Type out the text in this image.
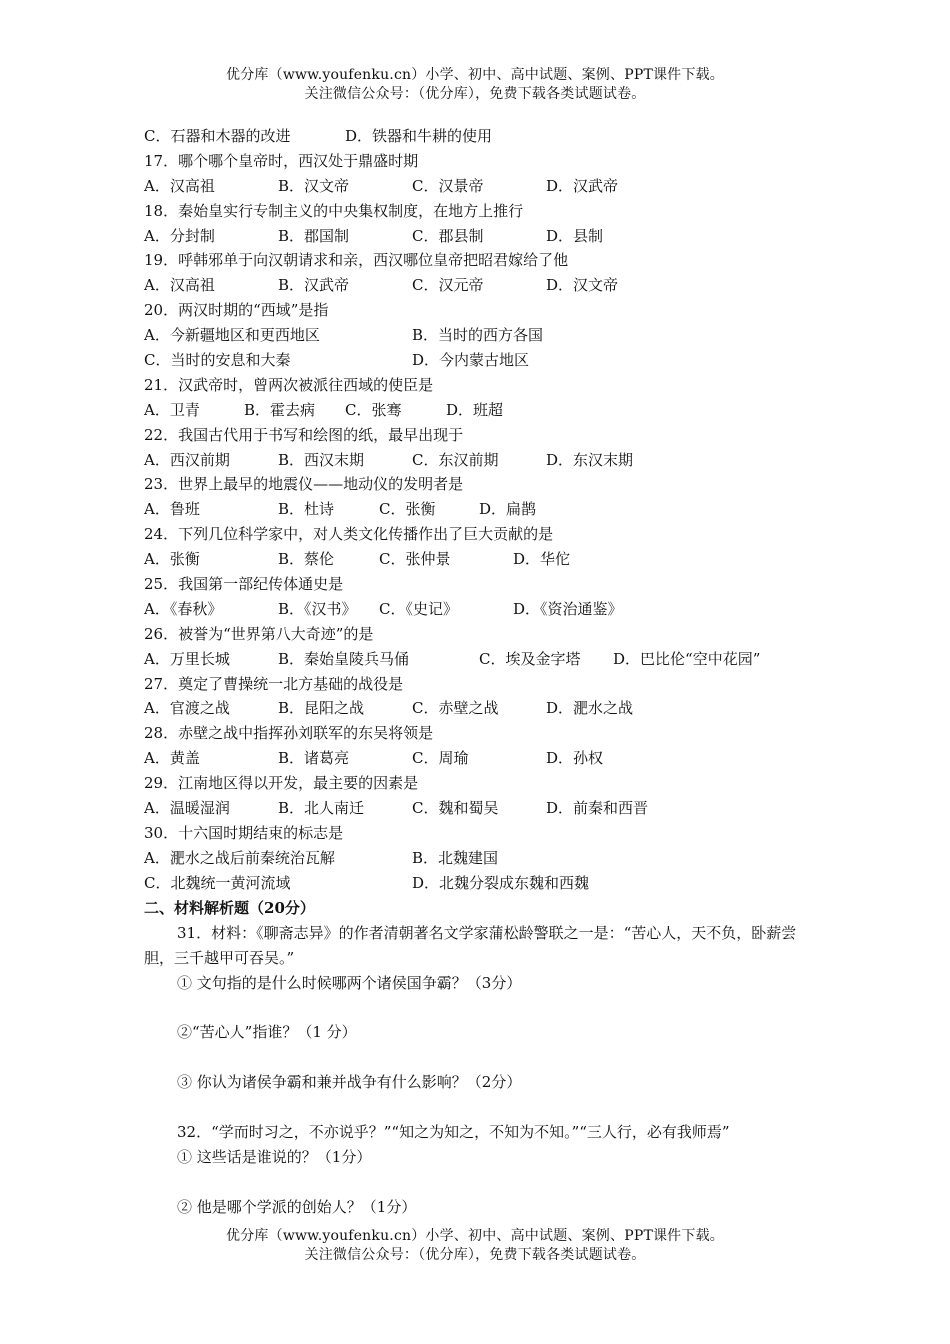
优分库（www.youfenku.cn）小学、初中、高中试题、案例、PPT课件下载。
关注微信公众号：（优分库），免费下载各类试题试卷。
C．石器和木器的改进	D．铁器和牛耕的使用
17．哪个哪个皇帝时，西汉处于鼎盛时期
A．汉高祖	B．汉文帝	C．汉景帝	D．汉武帝
18．秦始皇实行专制主义的中央集权制度，在地方上推行
A．分封制	B．郡国制	C．郡县制	D．县制
19．呼韩邪单于向汉朝请求和亲，西汉哪位皇帝把昭君嫁给了他
A．汉高祖	B．汉武帝	C．汉元帝	D．汉文帝
20．两汉时期的“西域”是指
A．今新疆地区和更西地区	B．当时的西方各国
C．当时的安息和大秦	D．今内蒙古地区
21．汉武帝时，曾两次被派往西域的使臣是
A．卫青	B．霍去病 C．张骞	D．班超
22．我国古代用于书写和绘图的纸，最早出现于
A．西汉前期	B．西汉末期	C．东汉前期	D．东汉末期
23．世界上最早的地震仪——地动仪的发明者是
A．鲁班	B．杜诗	C．张衡	D．扁鹊
24．下列几位科学家中，对人类文化传播作出了巨大贡献的是
A．张衡	B．蔡伦	C．张仲景	D．华佗
25．我国第一部纪传体通史是
A．《春秋》	B．《汉书》 C．《史记》	D．《资治通鉴》
26．被誉为“世界第八大奇迹”的是
A．万里长城	B．秦始皇陵兵马俑	C．埃及金字塔 D．巴比伦“空中花园”
27．奠定了曹操统一北方基础的战役是
A．官渡之战	B．昆阳之战	C．赤壁之战	D．淝水之战
28．赤壁之战中指挥孙刘联军的东吴将领是
A．黄盖	B．诸葛亮	C．周瑜	D．孙权
29．江南地区得以开发，最主要的因素是
A．温暖湿润	B．北人南迁	C．魏和蜀吴	D．前秦和西晋
30．十六国时期结束的标志是
A．淝水之战后前秦统治瓦解	B．北魏建国
C．北魏统一黄河流域	D．北魏分裂成东魏和西魏
二、材料解析题（20分）
31．材料：《聊斋志异》的作者清朝著名文学家蒲松龄警联之一是：“苦心人，天不负，卧薪尝胆，三千越甲可吞吴。”
① 文句指的是什么时候哪两个诸侯国争霸？（3分）
②“苦心人”指谁？（1 分）
③ 你认为诸侯争霸和兼并战争有什么影响？（2分）
32．“学而时习之，不亦说乎？”“知之为知之，不知为不知。”“三人行，必有我师焉”
① 这些话是谁说的？（1分）
② 他是哪个学派的创始人？（1分）
优分库（www.youfenku.cn）小学、初中、高中试题、案例、PPT课件下载。
关注微信公众号：（优分库），免费下载各类试题试卷。
